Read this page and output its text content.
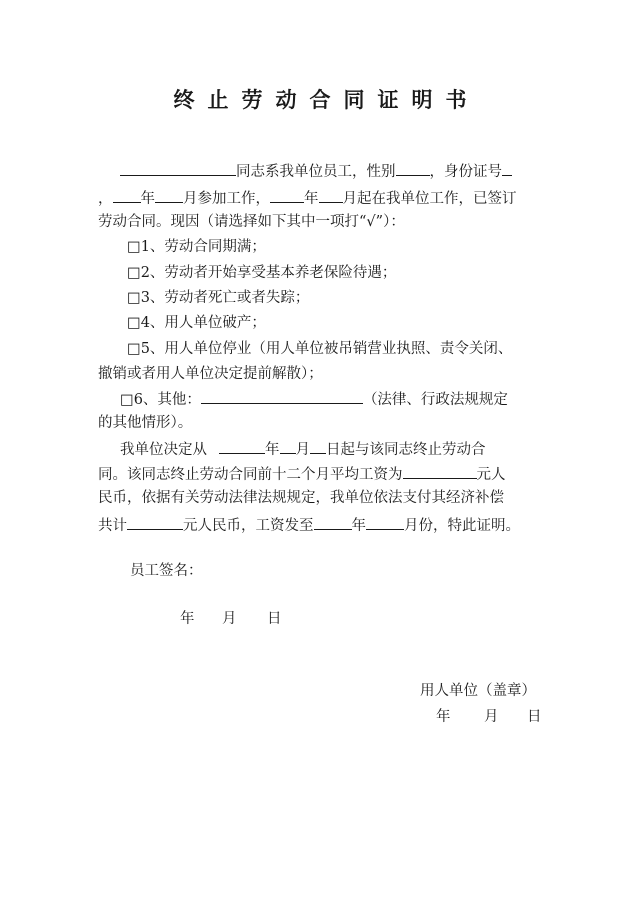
终止劳动合同证明书
同志系我单位员工，性别 ，身份证号
， 年 月参加工作， 年 月起在我单位工作，已签订
劳动合同。现因（请选择如下其中一项打“√”）：
□1、劳动合同期满；
□2、劳动者开始享受基本养老保险待遇；
□3、劳动者死亡或者失踪；
□4、用人单位破产；
□5、用人单位停业（用人单位被吊销营业执照、责令关闭、
撤销或者用人单位决定提前解散）；
□6、其他：	（法律、行政法规规定
的其他情形）。
我单位决定从	年 月 日起与该同志终止劳动合
同。该同志终止劳动合同前十二个月平均工资为	元人
民币，依据有关劳动法律法规规定，我单位依法支付其经济补偿
共计	元人民币，工资发至	年	月份，特此证明。
员工签名：
年 月 日
用人单位（盖章）
年 月 日
